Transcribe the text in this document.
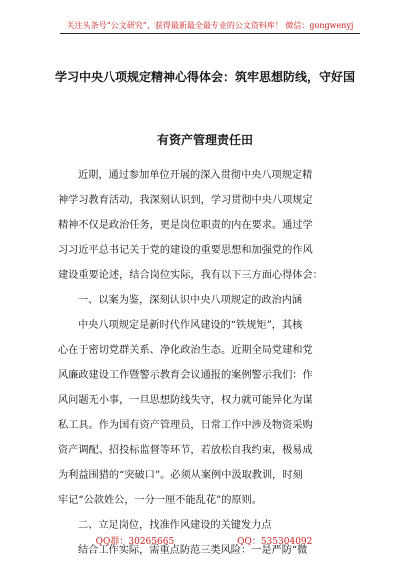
关注头条号“公文研究”，获得最新最全最专业的公文资料库！ 微信：gongwenyj
学习中央八项规定精神心得体会：筑牢思想防线，守好国
有资产管理责任田
近期，通过参加单位开展的深入贯彻中央八项规定精
神学习教育活动，我深刻认识到，学习贯彻中央八项规定
精神不仅是政治任务，更是岗位职责的内在要求。通过学
习习近平总书记关于党的建设的重要思想和加强党的作风
建设重要论述，结合岗位实际，我有以下三方面心得体会：
一、以案为鉴，深刻认识中央八项规定的政治内涵
中央八项规定是新时代作风建设的“铁规矩”，其核
心在于密切党群关系、净化政治生态。近期全局党建和党
风廉政建设工作暨警示教育会议通报的案例警示我们：作
风问题无小事，一旦思想防线失守，权力就可能异化为谋
私工具。作为国有资产管理员，日常工作中涉及物资采购
资产调配、招投标监督等环节，若放松自我约束，极易成
为利益围猎的“突破口”。必须从案例中汲取教训，时刻
牢记“公款姓公，一分一厘不能乱花”的原则。
二、立足岗位，找准作风建设的关键发力点
结合工作实际，需重点防范三类风险：一是严防“微
QQ群：30265665	QQ：535304092
